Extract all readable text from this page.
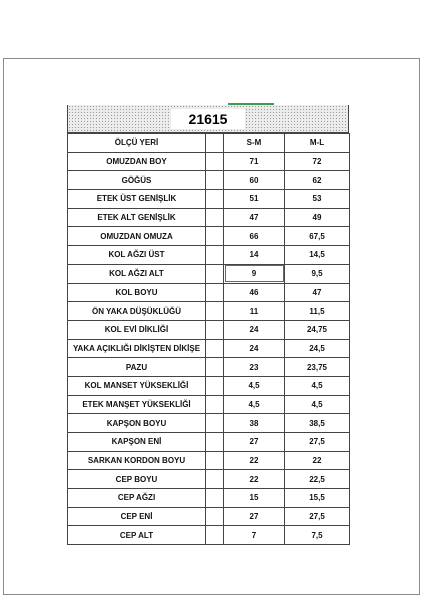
21615
ÖLÇÜ YERİ		S-M	M-L
OMUZDAN BOY		71	72
GÖĞÜS		60	62
ETEK ÜST GENİŞLİK		51	53
ETEK ALT GENİŞLİK		47	49
OMUZDAN OMUZA		66	67,5
KOL AĞZI ÜST		14	14,5
KOL AĞZI ALT		9	9,5
KOL BOYU		46	47
ÖN YAKA DÜŞÜKLÜĞÜ		11	11,5
KOL EVİ DİKLİĞİ		24	24,75
YAKA AÇIKLIĞI DİKİŞTEN DİKİŞE		24	24,5
PAZU		23	23,75
KOL MANSET YÜKSEKLİĞİ		4,5	4,5
ETEK MANŞET YÜKSEKLİĞİ		4,5	4,5
KAPŞON BOYU		38	38,5
KAPŞON ENİ		27	27,5
SARKAN KORDON BOYU		22	22
CEP BOYU		22	22,5
CEP AĞZI		15	15,5
CEP ENİ		27	27,5
CEP ALT		7	7,5
